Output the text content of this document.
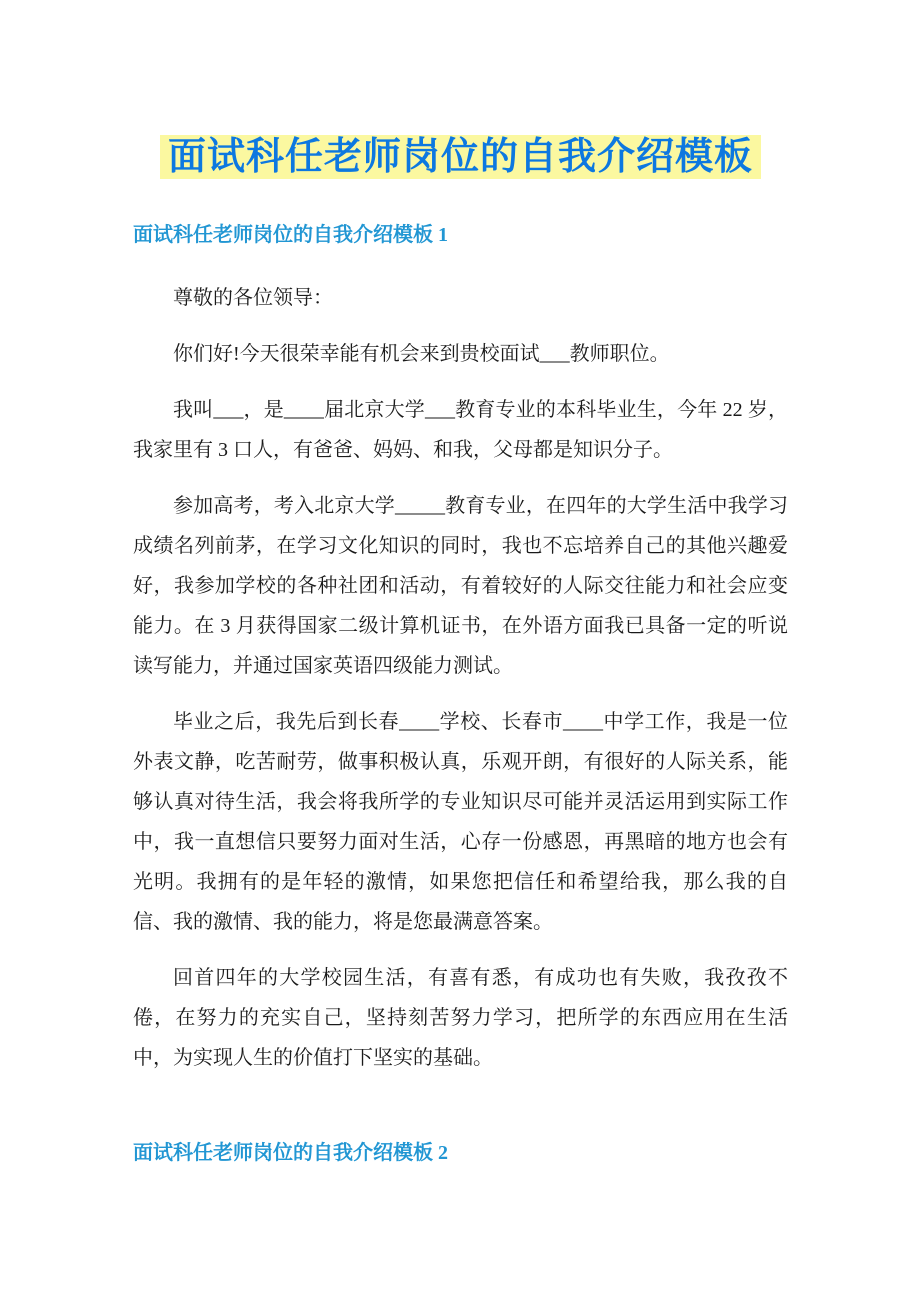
面试科任老师岗位的自我介绍模板
面试科任老师岗位的自我介绍模板 1

尊敬的各位领导：

你们好!今天很荣幸能有机会来到贵校面试___教师职位。

我叫___，是____届北京大学___教育专业的本科毕业生，今年 22 岁，我家里有 3 口人，有爸爸、妈妈、和我，父母都是知识分子。

参加高考，考入北京大学_____教育专业，在四年的大学生活中我学习成绩名列前茅，在学习文化知识的同时，我也不忘培养自己的其他兴趣爱好，我参加学校的各种社团和活动，有着较好的人际交往能力和社会应变能力。在 3 月获得国家二级计算机证书，在外语方面我已具备一定的听说读写能力，并通过国家英语四级能力测试。

毕业之后，我先后到长春____学校、长春市____中学工作，我是一位外表文静，吃苦耐劳，做事积极认真，乐观开朗，有很好的人际关系，能够认真对待生活，我会将我所学的专业知识尽可能并灵活运用到实际工作中，我一直想信只要努力面对生活，心存一份感恩，再黑暗的地方也会有光明。我拥有的是年轻的激情，如果您把信任和希望给我，那么我的自信、我的激情、我的能力，将是您最满意答案。

回首四年的大学校园生活，有喜有悉，有成功也有失败，我孜孜不倦，在努力的充实自己，坚持刻苦努力学习，把所学的东西应用在生活中，为实现人生的价值打下坚实的基础。

面试科任老师岗位的自我介绍模板 2
